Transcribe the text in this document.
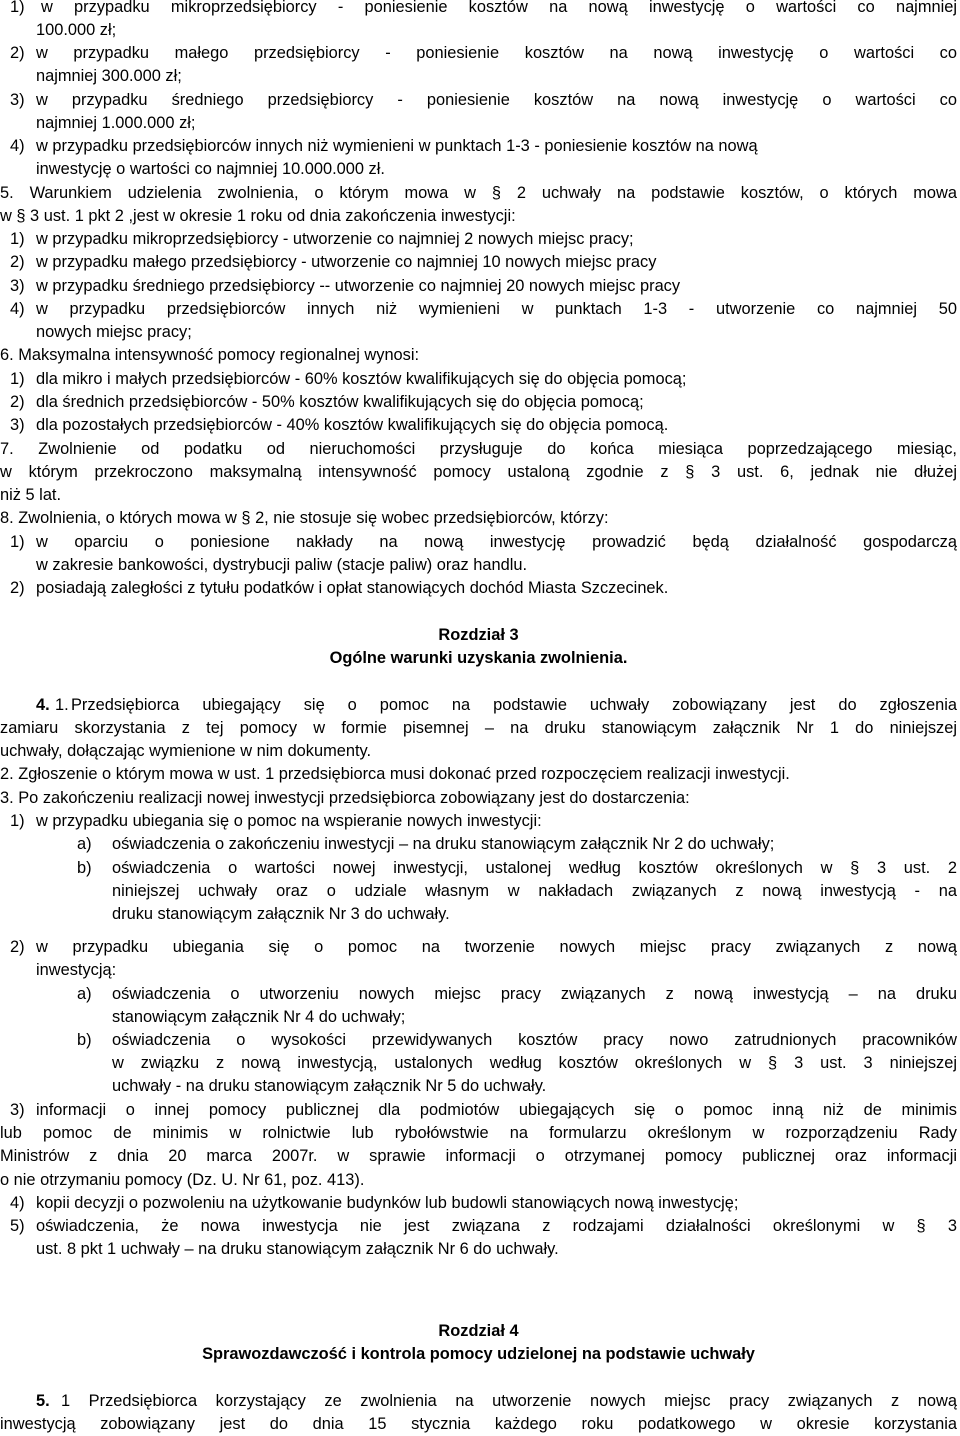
1) w przypadku mikroprzedsiębiorcy - poniesienie kosztów na nową inwestycję o wartości co najmniej
100.000 zł;
2) w przypadku małego przedsiębiorcy - poniesienie kosztów na nową inwestycję o wartości co
najmniej 300.000 zł;
3) w przypadku średniego przedsiębiorcy - poniesienie kosztów na nową inwestycję o wartości co
najmniej 1.000.000 zł;
4) w przypadku przedsiębiorców innych niż wymienieni w punktach 1-3 - poniesienie kosztów na nową
inwestycję o wartości co najmniej 10.000.000 zł.
5. Warunkiem udzielenia zwolnienia, o którym mowa w § 2 uchwały na podstawie kosztów, o których mowa
w § 3 ust. 1 pkt 2 ,jest w okresie 1 roku od dnia zakończenia inwestycji:
1) w przypadku mikroprzedsiębiorcy - utworzenie co najmniej 2 nowych miejsc pracy;
2) w przypadku małego przedsiębiorcy - utworzenie co najmniej 10 nowych miejsc pracy
3) w przypadku średniego przedsiębiorcy -- utworzenie co najmniej 20 nowych miejsc pracy
4) w przypadku przedsiębiorców innych niż wymienieni w punktach 1-3 - utworzenie co najmniej 50
nowych miejsc pracy;
6. Maksymalna intensywność pomocy regionalnej wynosi:
1) dla mikro i małych przedsiębiorców - 60% kosztów kwalifikujących się do objęcia pomocą;
2) dla średnich przedsiębiorców - 50% kosztów kwalifikujących się do objęcia pomocą;
3) dla pozostałych przedsiębiorców - 40% kosztów kwalifikujących się do objęcia pomocą.
7. Zwolnienie od podatku od nieruchomości przysługuje do końca miesiąca poprzedzającego miesiąc,
w którym przekroczono maksymalną intensywność pomocy ustaloną zgodnie z § 3 ust. 6, jednak nie dłużej
niż 5 lat.
8. Zwolnienia, o których mowa w § 2, nie stosuje się wobec przedsiębiorców, którzy:
1) w oparciu o poniesione nakłady na nową inwestycję prowadzić będą działalność gospodarczą
w zakresie bankowości, dystrybucji paliw (stacje paliw) oraz handlu.
2) posiadają zaległości z tytułu podatków i opłat stanowiących dochód Miasta Szczecinek.
Rozdział 3
Ogólne warunki uzyskania zwolnienia.
4. 1. Przedsiębiorca ubiegający się o pomoc na podstawie uchwały zobowiązany jest do zgłoszenia
zamiaru skorzystania z tej pomocy w formie pisemnej – na druku stanowiącym załącznik Nr 1 do niniejszej
uchwały, dołączając wymienione w nim dokumenty.
2. Zgłoszenie o którym mowa w ust. 1 przedsiębiorca musi dokonać przed rozpoczęciem realizacji inwestycji.
3. Po zakończeniu realizacji nowej inwestycji przedsiębiorca zobowiązany jest do dostarczenia:
1) w przypadku ubiegania się o pomoc na wspieranie nowych inwestycji:
a) oświadczenia o zakończeniu inwestycji – na druku stanowiącym załącznik Nr 2 do uchwały;
b) oświadczenia o wartości nowej inwestycji, ustalonej według kosztów określonych w § 3 ust. 2
niniejszej uchwały oraz o udziale własnym w nakładach związanych z nową inwestycją - na
druku stanowiącym załącznik Nr 3 do uchwały.
2) w przypadku ubiegania się o pomoc na tworzenie nowych miejsc pracy związanych z nową
inwestycją:
a) oświadczenia o utworzeniu nowych miejsc pracy związanych z nową inwestycją – na druku
stanowiącym załącznik Nr 4 do uchwały;
b) oświadczenia o wysokości przewidywanych kosztów pracy nowo zatrudnionych pracowników
w związku z nową inwestycją, ustalonych według kosztów określonych w § 3 ust. 3 niniejszej
uchwały - na druku stanowiącym załącznik Nr 5 do uchwały.
3) informacji o innej pomocy publicznej dla podmiotów ubiegających się o pomoc inną niż de minimis
lub pomoc de minimis w rolnictwie lub rybołówstwie na formularzu określonym w rozporządzeniu Rady
Ministrów z dnia 20 marca 2007r. w sprawie informacji o otrzymanej pomocy publicznej oraz informacji
o nie otrzymaniu pomocy (Dz. U. Nr 61, poz. 413).
4) kopii decyzji o pozwoleniu na użytkowanie budynków lub budowli stanowiących nową inwestycję;
5) oświadczenia, że nowa inwestycja nie jest związana z rodzajami działalności określonymi w § 3
ust. 8 pkt 1 uchwały – na druku stanowiącym załącznik Nr 6 do uchwały.
Rozdział 4
Sprawozdawczość i kontrola pomocy udzielonej na podstawie uchwały
5. 1 Przedsiębiorca korzystający ze zwolnienia na utworzenie nowych miejsc pracy związanych z nową
inwestycją zobowiązany jest do dnia 15 stycznia każdego roku podatkowego w okresie korzystania
